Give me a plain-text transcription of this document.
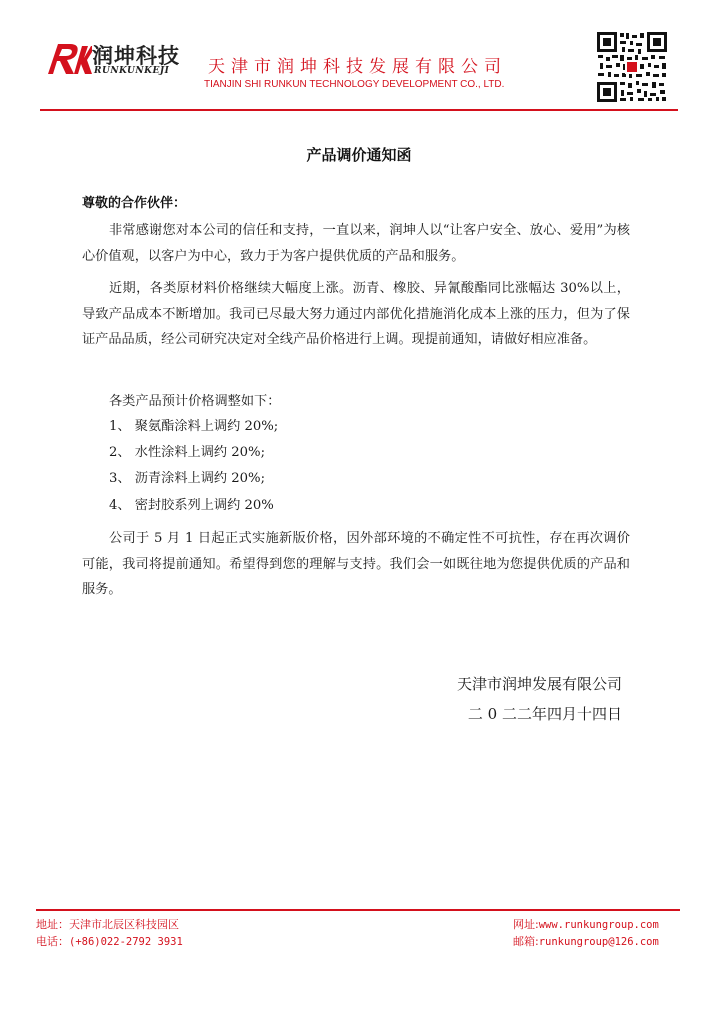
润坤科技
RUNKUNKEJI 天津市润坤科技发展有限公司
TIANJIN SHI RUNKUN TECHNOLOGY DEVELOPMENT CO., LTD.
产品调价通知函
尊敬的合作伙伴：
非常感谢您对本公司的信任和支持，一直以来，润坤人以“让客户安全、放心、爱用”为核心价值观，以客户为中心，致力于为客户提供优质的产品和服务。
近期，各类原材料价格继续大幅度上涨。沥青、橡胶、异氰酸酯同比涨幅达 30%以上，导致产品成本不断增加。我司已尽最大努力通过内部优化措施消化成本上涨的压力，但为了保证产品品质，经公司研究决定对全线产品价格进行上调。现提前通知，请做好相应准备。
各类产品预计价格调整如下：
1、 聚氨酯涂料上调约 20%;
2、 水性涂料上调约 20%;
3、 沥青涂料上调约 20%;
4、 密封胶系列上调约 20%
公司于 5 月 1 日起正式实施新版价格，因外部环境的不确定性不可抗性，存在再次调价可能，我司将提前通知。希望得到您的理解与支持。我们会一如既往地为您提供优质的产品和服务。
天津市润坤发展有限公司
二 0 二二年四月十四日
地址：天津市北辰区科技园区
电话：(+86)022-2792 3931
网址:www.runkungroup.com
邮箱:runkungroup@126.com
